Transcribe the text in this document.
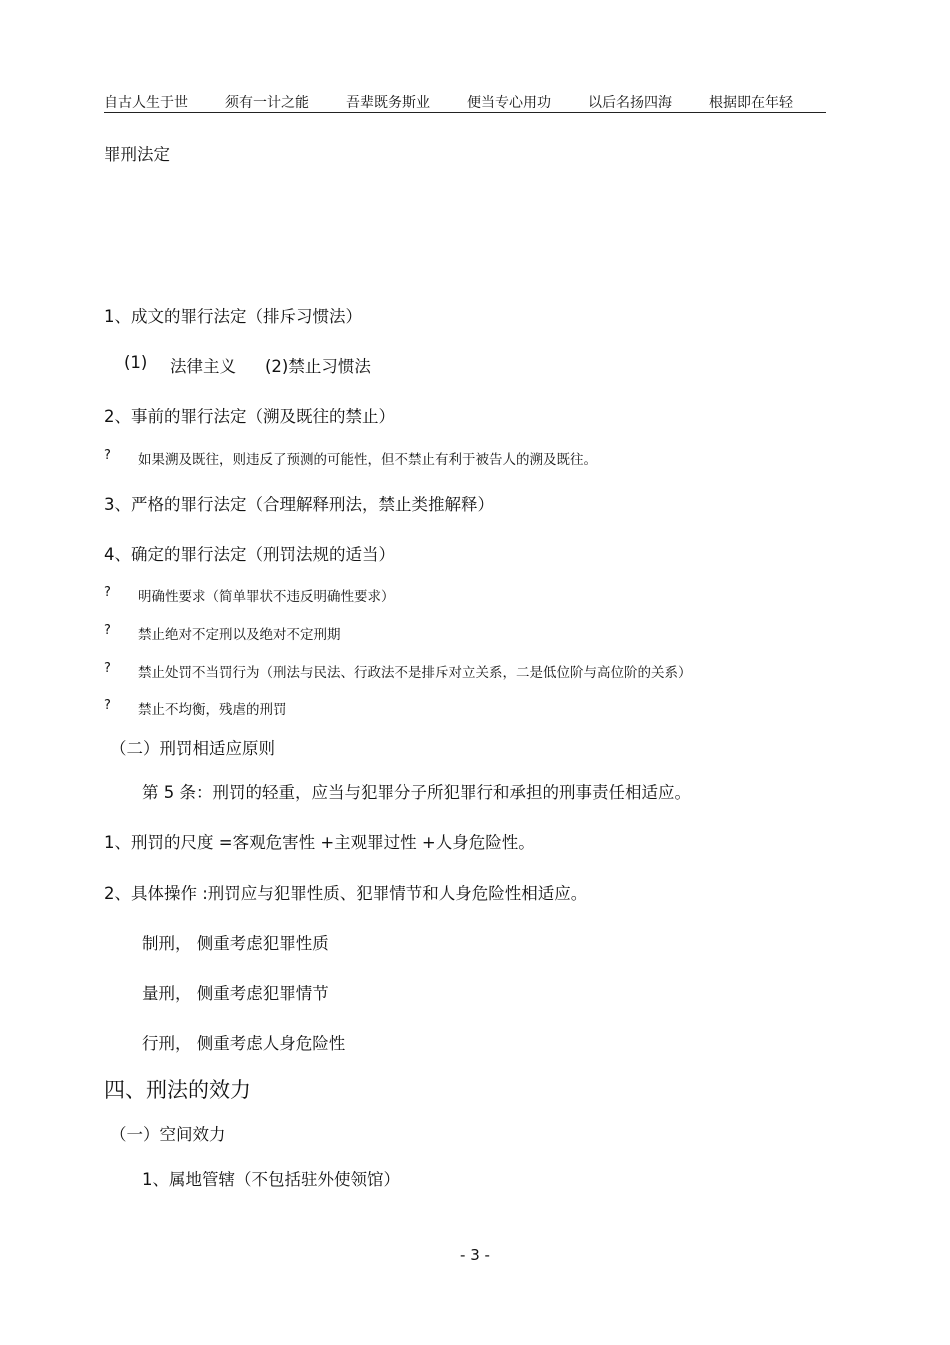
自古人生于世	须有一计之能	吾辈既务斯业	便当专心用功	以后名扬四海	根据即在年轻
罪刑法定
1、成文的罪行法定（排斥习惯法）
(1) 法律主义 (2)禁止习惯法
2、事前的罪行法定（溯及既往的禁止）
? 如果溯及既往，则违反了预测的可能性，但不禁止有利于被告人的溯及既往。
3、严格的罪行法定（合理解释刑法，禁止类推解释）
4、确定的罪行法定（刑罚法规的适当）
? 明确性要求（简单罪状不违反明确性要求）
? 禁止绝对不定刑以及绝对不定刑期
? 禁止处罚不当罚行为（刑法与民法、行政法不是排斥对立关系，二是低位阶与高位阶的关系）
? 禁止不均衡，残虐的刑罚
（二）刑罚相适应原则
第 5 条：刑罚的轻重，应当与犯罪分子所犯罪行和承担的刑事责任相适应。
1、刑罚的尺度 =客观危害性 +主观罪过性 +人身危险性。
2、具体操作 :刑罚应与犯罪性质、犯罪情节和人身危险性相适应。
制刑， 侧重考虑犯罪性质
量刑， 侧重考虑犯罪情节
行刑， 侧重考虑人身危险性
四、刑法的效力
（一）空间效力
1、属地管辖（不包括驻外使领馆）
- 3 -
